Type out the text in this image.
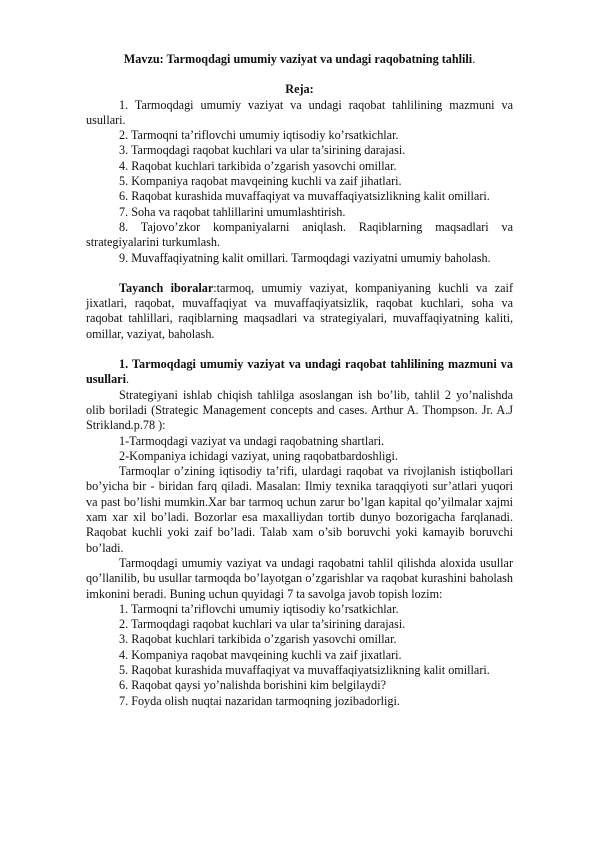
Mavzu: Tarmoqdagi umumiy vaziyat va undagi raqobatning tahlili.

Reja:

1. Tarmoqdagi umumiy vaziyat va undagi raqobat tahlilining mazmuni va usullari.

2. Tarmoqni ta’riflovchi umumiy iqtisodiy ko’rsatkichlar.

3. Tarmoqdagi raqobat kuchlari va ular ta’sirining darajasi.

4. Raqobat kuchlari tarkibida o’zgarish yasovchi omillar.

5. Kompaniya raqobat mavqeining kuchli va zaif jihatlari.

6. Raqobat kurashida muvaffaqiyat va muvaffaqiyatsizlikning kalit omillari.

7. Soha va raqobat tahlillarini umumlashtirish.

8. Tajovo’zkor kompaniyalarni aniqlash. Raqiblarning maqsadlari va strategiyalarini turkumlash.

9. Muvaffaqiyatning kalit omillari. Tarmoqdagi vaziyatni umumiy baholash.

Tayanch iboralar:tarmoq, umumiy vaziyat, kompaniyaning kuchli va zaif jixatlari, raqobat, muvaffaqiyat va muvaffaqiyatsizlik, raqobat kuchlari, soha va raqobat tahlillari, raqiblarning maqsadlari va strategiyalari, muvaffaqiyatning kaliti, omillar, vaziyat, baholash.

1. Tarmoqdagi umumiy vaziyat va undagi raqobat tahlilining mazmuni va usullari.

Strategiyani ishlab chiqish tahlilga asoslangan ish bo’lib, tahlil 2 yo’nalishda olib boriladi (Strategic Management concepts and cases. Arthur A. Thompson. Jr. A.J Strikland.p.78 ):

1-Tarmoqdagi vaziyat va undagi raqobatning shartlari.

2-Kompaniya ichidagi vaziyat, uning raqobatbardoshligi.

Tarmoqlar o’zining iqtisodiy ta’rifi, ulardagi raqobat va rivojlanish istiqbollari bo’yicha bir - biridan farq qiladi. Masalan: Ilmiy texnika taraqqiyoti sur’atlari yuqori va past bo’lishi mumkin.Xar bar tarmoq uchun zarur bo’lgan kapital qo’yilmalar xajmi xam xar xil bo’ladi. Bozorlar esa maxalliydan tortib dunyo bozorigacha farqlanadi. Raqobat kuchli yoki zaif bo’ladi. Talab xam o’sib boruvchi yoki kamayib boruvchi bo’ladi.

Tarmoqdagi umumiy vaziyat va undagi raqobatni tahlil qilishda aloxida usullar qo’llanilib, bu usullar tarmoqda bo’layotgan o’zgarishlar va raqobat kurashini baholash imkonini beradi. Buning uchun quyidagi 7 ta savolga javob topish lozim:

1. Tarmoqni ta’riflovchi umumiy iqtisodiy ko’rsatkichlar.

2. Tarmoqdagi raqobat kuchlari va ular ta’sirining darajasi.

3. Raqobat kuchlari tarkibida o’zgarish yasovchi omillar.

4. Kompaniya raqobat mavqeining kuchli va zaif jixatlari.

5. Raqobat kurashida muvaffaqiyat va muvaffaqiyatsizlikning kalit omillari.

6. Raqobat qaysi yo’nalishda borishini kim belgilaydi?

7. Foyda olish nuqtai nazaridan tarmoqning jozibadorligi.
